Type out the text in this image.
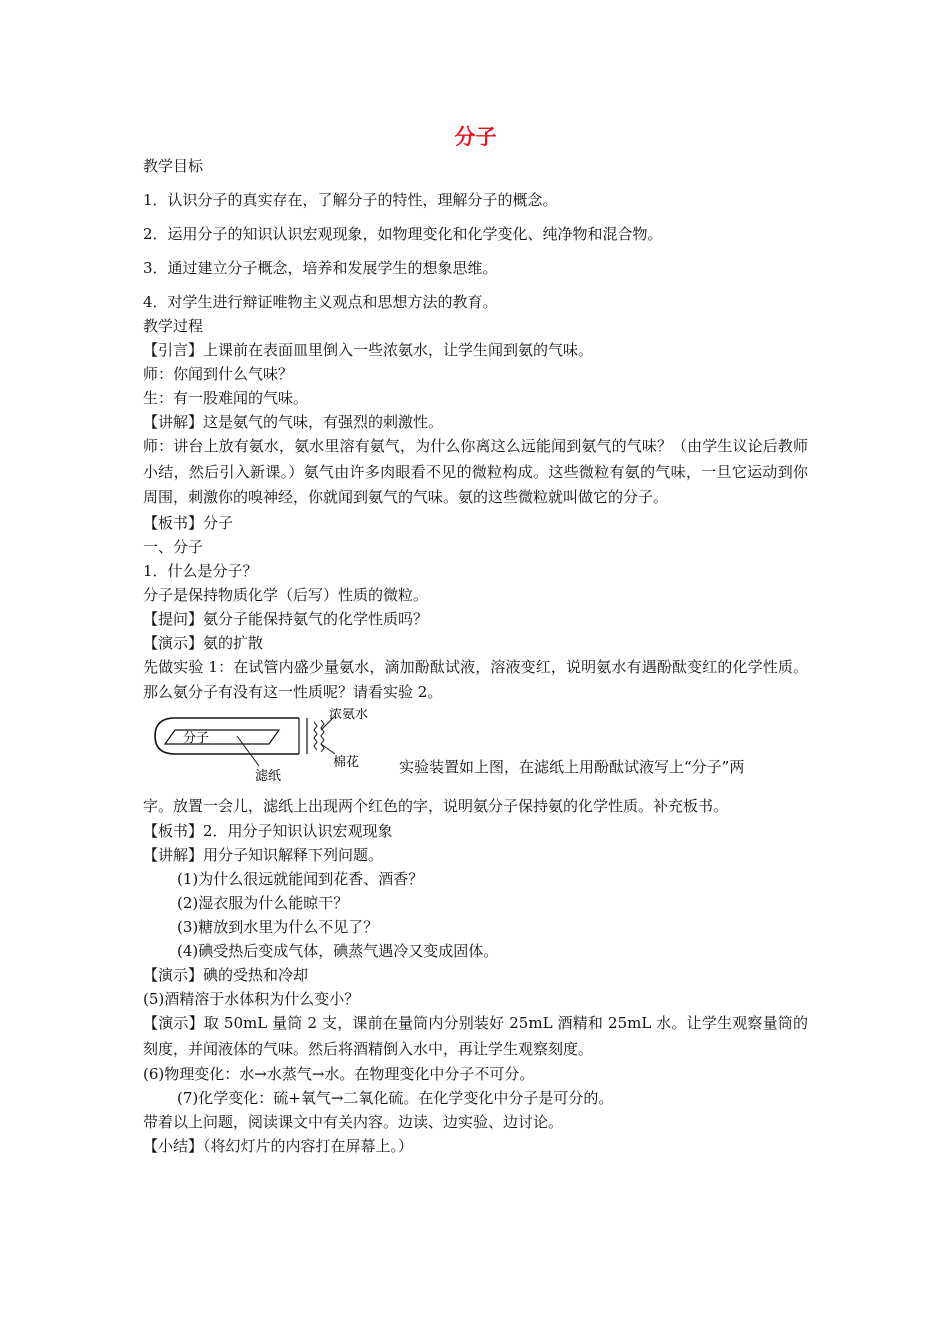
分子
教学目标
1．认识分子的真实存在，了解分子的特性，理解分子的概念。
2．运用分子的知识认识宏观现象，如物理变化和化学变化、纯净物和混合物。
3．通过建立分子概念，培养和发展学生的想象思维。
4．对学生进行辩证唯物主义观点和思想方法的教育。
教学过程
【引言】上课前在表面皿里倒入一些浓氨水，让学生闻到氨的气味。
师：你闻到什么气味？
生：有一股难闻的气味。
【讲解】这是氨气的气味，有强烈的刺激性。
师：讲台上放有氨水，氨水里溶有氨气，为什么你离这么远能闻到氨气的气味？（由学生议论后教师小结，然后引入新课。）氨气由许多肉眼看不见的微粒构成。这些微粒有氨的气味，一旦它运动到你周围，刺激你的嗅神经，你就闻到氨气的气味。氨的这些微粒就叫做它的分子。
【板书】分子
一、分子
1．什么是分子？
分子是保持物质化学（后写）性质的微粒。
【提问】氨分子能保持氨气的化学性质吗？
【演示】氨的扩散
先做实验 1：在试管内盛少量氨水，滴加酚酞试液，溶液变红，说明氨水有遇酚酞变红的化学性质。那么氨分子有没有这一性质呢？请看实验 2。
分子
滤纸
浓氨水
棉花	实验装置如上图，在滤纸上用酚酞试液写上“分子”两
字。放置一会儿，滤纸上出现两个红色的字，说明氨分子保持氨的化学性质。补充板书。
【板书】2．用分子知识认识宏观现象
【讲解】用分子知识解释下列问题。
(1)为什么很远就能闻到花香、酒香？
(2)湿衣服为什么能晾干？
(3)糖放到水里为什么不见了？
(4)碘受热后变成气体，碘蒸气遇冷又变成固体。
【演示】碘的受热和冷却
(5)酒精溶于水体积为什么变小？
【演示】取 50mL 量筒 2 支，课前在量筒内分别装好 25mL 酒精和 25mL 水。让学生观察量筒的刻度，并闻液体的气味。然后将酒精倒入水中，再让学生观察刻度。
(6)物理变化：水→水蒸气→水。在物理变化中分子不可分。
(7)化学变化：硫+氧气→二氧化硫。在化学变化中分子是可分的。
带着以上问题，阅读课文中有关内容。边读、边实验、边讨论。
【小结】（将幻灯片的内容打在屏幕上。）
